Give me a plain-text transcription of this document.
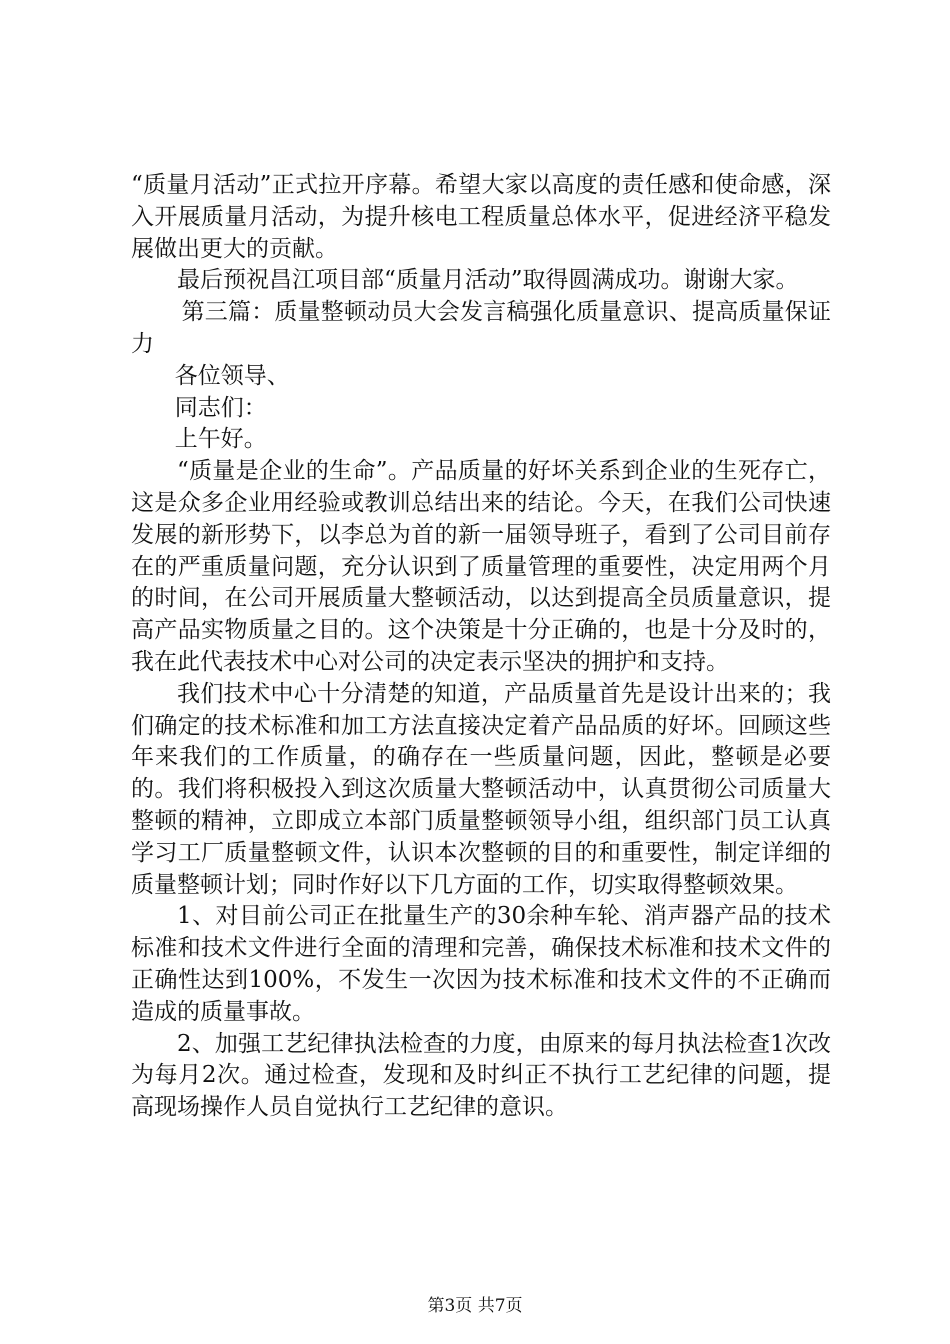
“质量月活动”正式拉开序幕。希望大家以高度的责任感和使命感，深入开展质量月活动，为提升核电工程质量总体水平，促进经济平稳发展做出更大的贡献。

最后预祝昌江项目部“质量月活动”取得圆满成功。谢谢大家。

第三篇：质量整顿动员大会发言稿强化质量意识、提高质量保证力

各位领导、

同志们：

上午好。

“质量是企业的生命”。产品质量的好坏关系到企业的生死存亡，这是众多企业用经验或教训总结出来的结论。今天，在我们公司快速发展的新形势下，以李总为首的新一届领导班子，看到了公司目前存在的严重质量问题，充分认识到了质量管理的重要性，决定用两个月的时间，在公司开展质量大整顿活动，以达到提高全员质量意识，提高产品实物质量之目的。这个决策是十分正确的，也是十分及时的，我在此代表技术中心对公司的决定表示坚决的拥护和支持。

我们技术中心十分清楚的知道，产品质量首先是设计出来的；我们确定的技术标准和加工方法直接决定着产品品质的好坏。回顾这些年来我们的工作质量，的确存在一些质量问题，因此，整顿是必要的。我们将积极投入到这次质量大整顿活动中，认真贯彻公司质量大整顿的精神，立即成立本部门质量整顿领导小组，组织部门员工认真学习工厂质量整顿文件，认识本次整顿的目的和重要性，制定详细的质量整顿计划；同时作好以下几方面的工作，切实取得整顿效果。

1、对目前公司正在批量生产的30余种车轮、消声器产品的技术标准和技术文件进行全面的清理和完善，确保技术标准和技术文件的正确性达到100%，不发生一次因为技术标准和技术文件的不正确而造成的质量事故。

2、加强工艺纪律执法检查的力度，由原来的每月执法检查1次改为每月2次。通过检查，发现和及时纠正不执行工艺纪律的问题，提高现场操作人员自觉执行工艺纪律的意识。

第3页 共7页
